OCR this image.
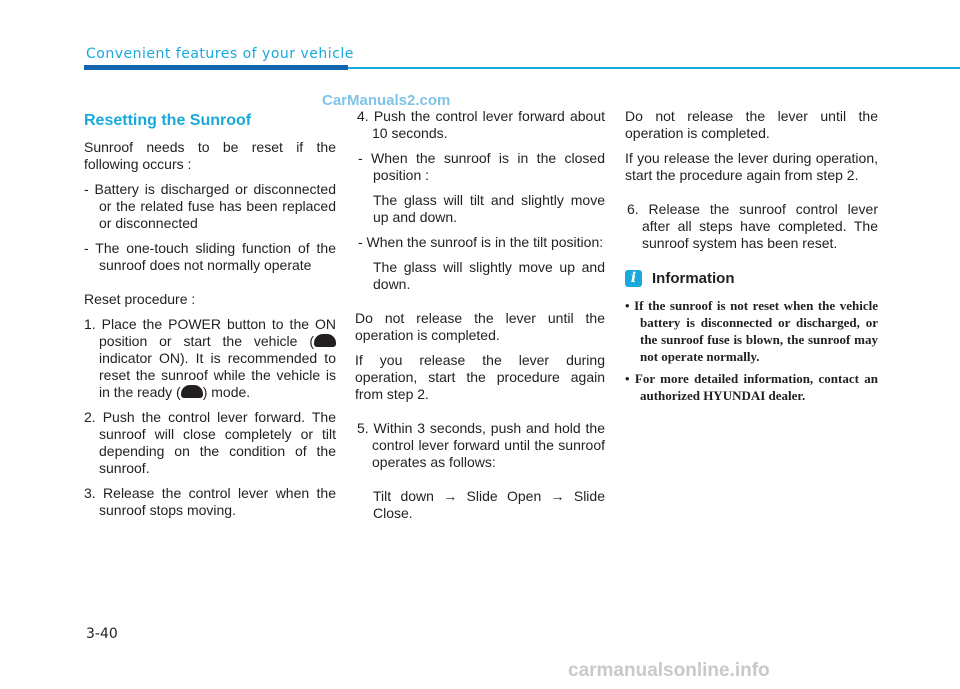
Convenient features of your vehicle
CarManuals2.com
Resetting the Sunroof

Sunroof needs to be reset if the following occurs :

- Battery is discharged or disconnected or the related fuse has been replaced or disconnected

- The one-touch sliding function of the sunroof does not normally operate

Reset procedure :

1. Place the POWER button to the ON position or start the vehicle ( indicator ON). It is recommended to reset the sunroof while the vehicle is in the ready ( ) mode.

2. Push the control lever forward. The sunroof will close completely or tilt depending on the condition of the sunroof.

3. Release the control lever when the sunroof stops moving.

4. Push the control lever forward about 10 seconds.

- When the sunroof is in the closed position :

The glass will tilt and slightly move up and down.

- When the sunroof is in the tilt position:

The glass will slightly move up and down.

Do not release the lever until the operation is completed.

If you release the lever during operation, start the procedure again from step 2.

5. Within 3 seconds, push and hold the control lever forward until the sunroof operates as follows:

Tilt down → Slide Open → Slide Close.

Do not release the lever until the operation is completed.

If you release the lever during operation, start the procedure again from step 2.

6. Release the sunroof control lever after all steps have completed. The sunroof system has been reset.

i	Information

• If the sunroof is not reset when the vehicle battery is disconnected or discharged, or the sunroof fuse is blown, the sunroof may not operate normally.

• For more detailed information, contact an authorized HYUNDAI dealer.

3-40
carmanualsonline.info
